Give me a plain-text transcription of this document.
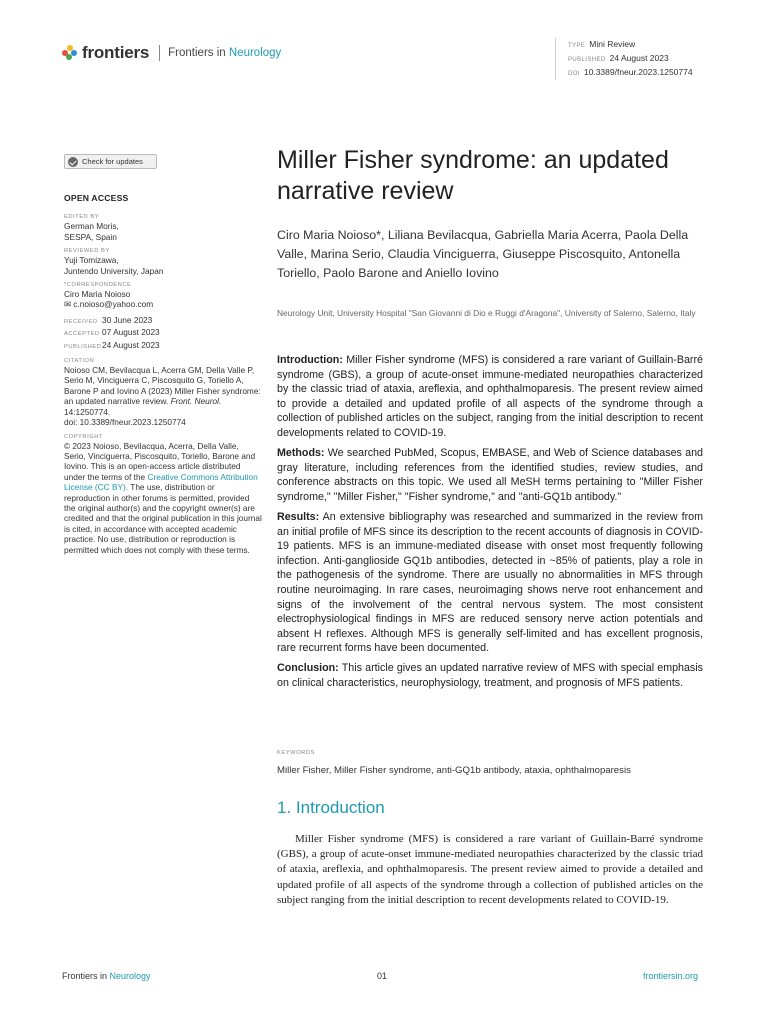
frontiers Frontiers in Neurology
TYPE Mini Review
PUBLISHED 24 August 2023
DOI 10.3389/fneur.2023.1250774
Check for updates
OPEN ACCESS
EDITED BY
German Moris,
SESPA, Spain
REVIEWED BY
Yuji Tomizawa,
Juntendo University, Japan
*CORRESPONDENCE
Ciro Maria Noioso
✉ c.noioso@yahoo.com
RECEIVED 30 June 2023
ACCEPTED 07 August 2023
PUBLISHED24 August 2023
CITATION
Noioso CM, Bevilacqua L, Acerra GM, Della Valle P, Serio M, Vinciguerra C, Piscosquito G, Toriello A, Barone P and Iovino A (2023) Miller Fisher syndrome: an updated narrative review. Front. Neurol. 14:1250774.
doi: 10.3389/fneur.2023.1250774
COPYRIGHT
© 2023 Noioso, Bevilacqua, Acerra, Della Valle, Serio, Vinciguerra, Piscosquito, Toriello, Barone and Iovino. This is an open-access article distributed under the terms of the Creative Commons Attribution License (CC BY). The use, distribution or reproduction in other forums is permitted, provided the original author(s) and the copyright owner(s) are credited and that the original publication in this journal is cited, in accordance with accepted academic practice. No use, distribution or reproduction is permitted which does not comply with these terms.
Miller Fisher syndrome: an updated narrative review
Ciro Maria Noioso*, Liliana Bevilacqua, Gabriella Maria Acerra, Paola Della Valle, Marina Serio, Claudia Vinciguerra, Giuseppe Piscosquito, Antonella Toriello, Paolo Barone and Aniello Iovino
Neurology Unit, University Hospital "San Giovanni di Dio e Ruggi d'Aragona", University of Salerno, Salerno, Italy

Introduction: Miller Fisher syndrome (MFS) is considered a rare variant of Guillain-Barré syndrome (GBS), a group of acute-onset immune-mediated neuropathies characterized by the classic triad of ataxia, areflexia, and ophthalmoparesis. The present review aimed to provide a detailed and updated profile of all aspects of the syndrome through a collection of published articles on the subject, ranging from the initial description to recent developments related to COVID-19.

Methods: We searched PubMed, Scopus, EMBASE, and Web of Science databases and gray literature, including references from the identified studies, review studies, and conference abstracts on this topic. We used all MeSH terms pertaining to "Miller Fisher syndrome," "Miller Fisher," "Fisher syndrome," and "anti-GQ1b antibody."

Results: An extensive bibliography was researched and summarized in the review from an initial profile of MFS since its description to the recent accounts of diagnosis in COVID-19 patients. MFS is an immune-mediated disease with onset most frequently following infection. Anti-ganglioside GQ1b antibodies, detected in ~85% of patients, play a role in the pathogenesis of the syndrome. There are usually no abnormalities in MFS through routine neuroimaging. In rare cases, neuroimaging shows nerve root enhancement and signs of the involvement of the central nervous system. The most consistent electrophysiological findings in MFS are reduced sensory nerve action potentials and absent H reflexes. Although MFS is generally self-limited and has excellent prognosis, rare recurrent forms have been documented.

Conclusion: This article gives an updated narrative review of MFS with special emphasis on clinical characteristics, neurophysiology, treatment, and prognosis of MFS patients.

KEYWORDS
Miller Fisher, Miller Fisher syndrome, anti-GQ1b antibody, ataxia, ophthalmoparesis
1. Introduction
Miller Fisher syndrome (MFS) is considered a rare variant of Guillain-Barré syndrome (GBS), a group of acute-onset immune-mediated neuropathies characterized by the classic triad of ataxia, areflexia, and ophthalmoparesis. The present review aimed to provide a detailed and updated profile of all aspects of the syndrome through a collection of published articles on the subject ranging from the initial description to recent developments related to COVID-19.
Frontiers in Neurology	01	frontiersin.org
